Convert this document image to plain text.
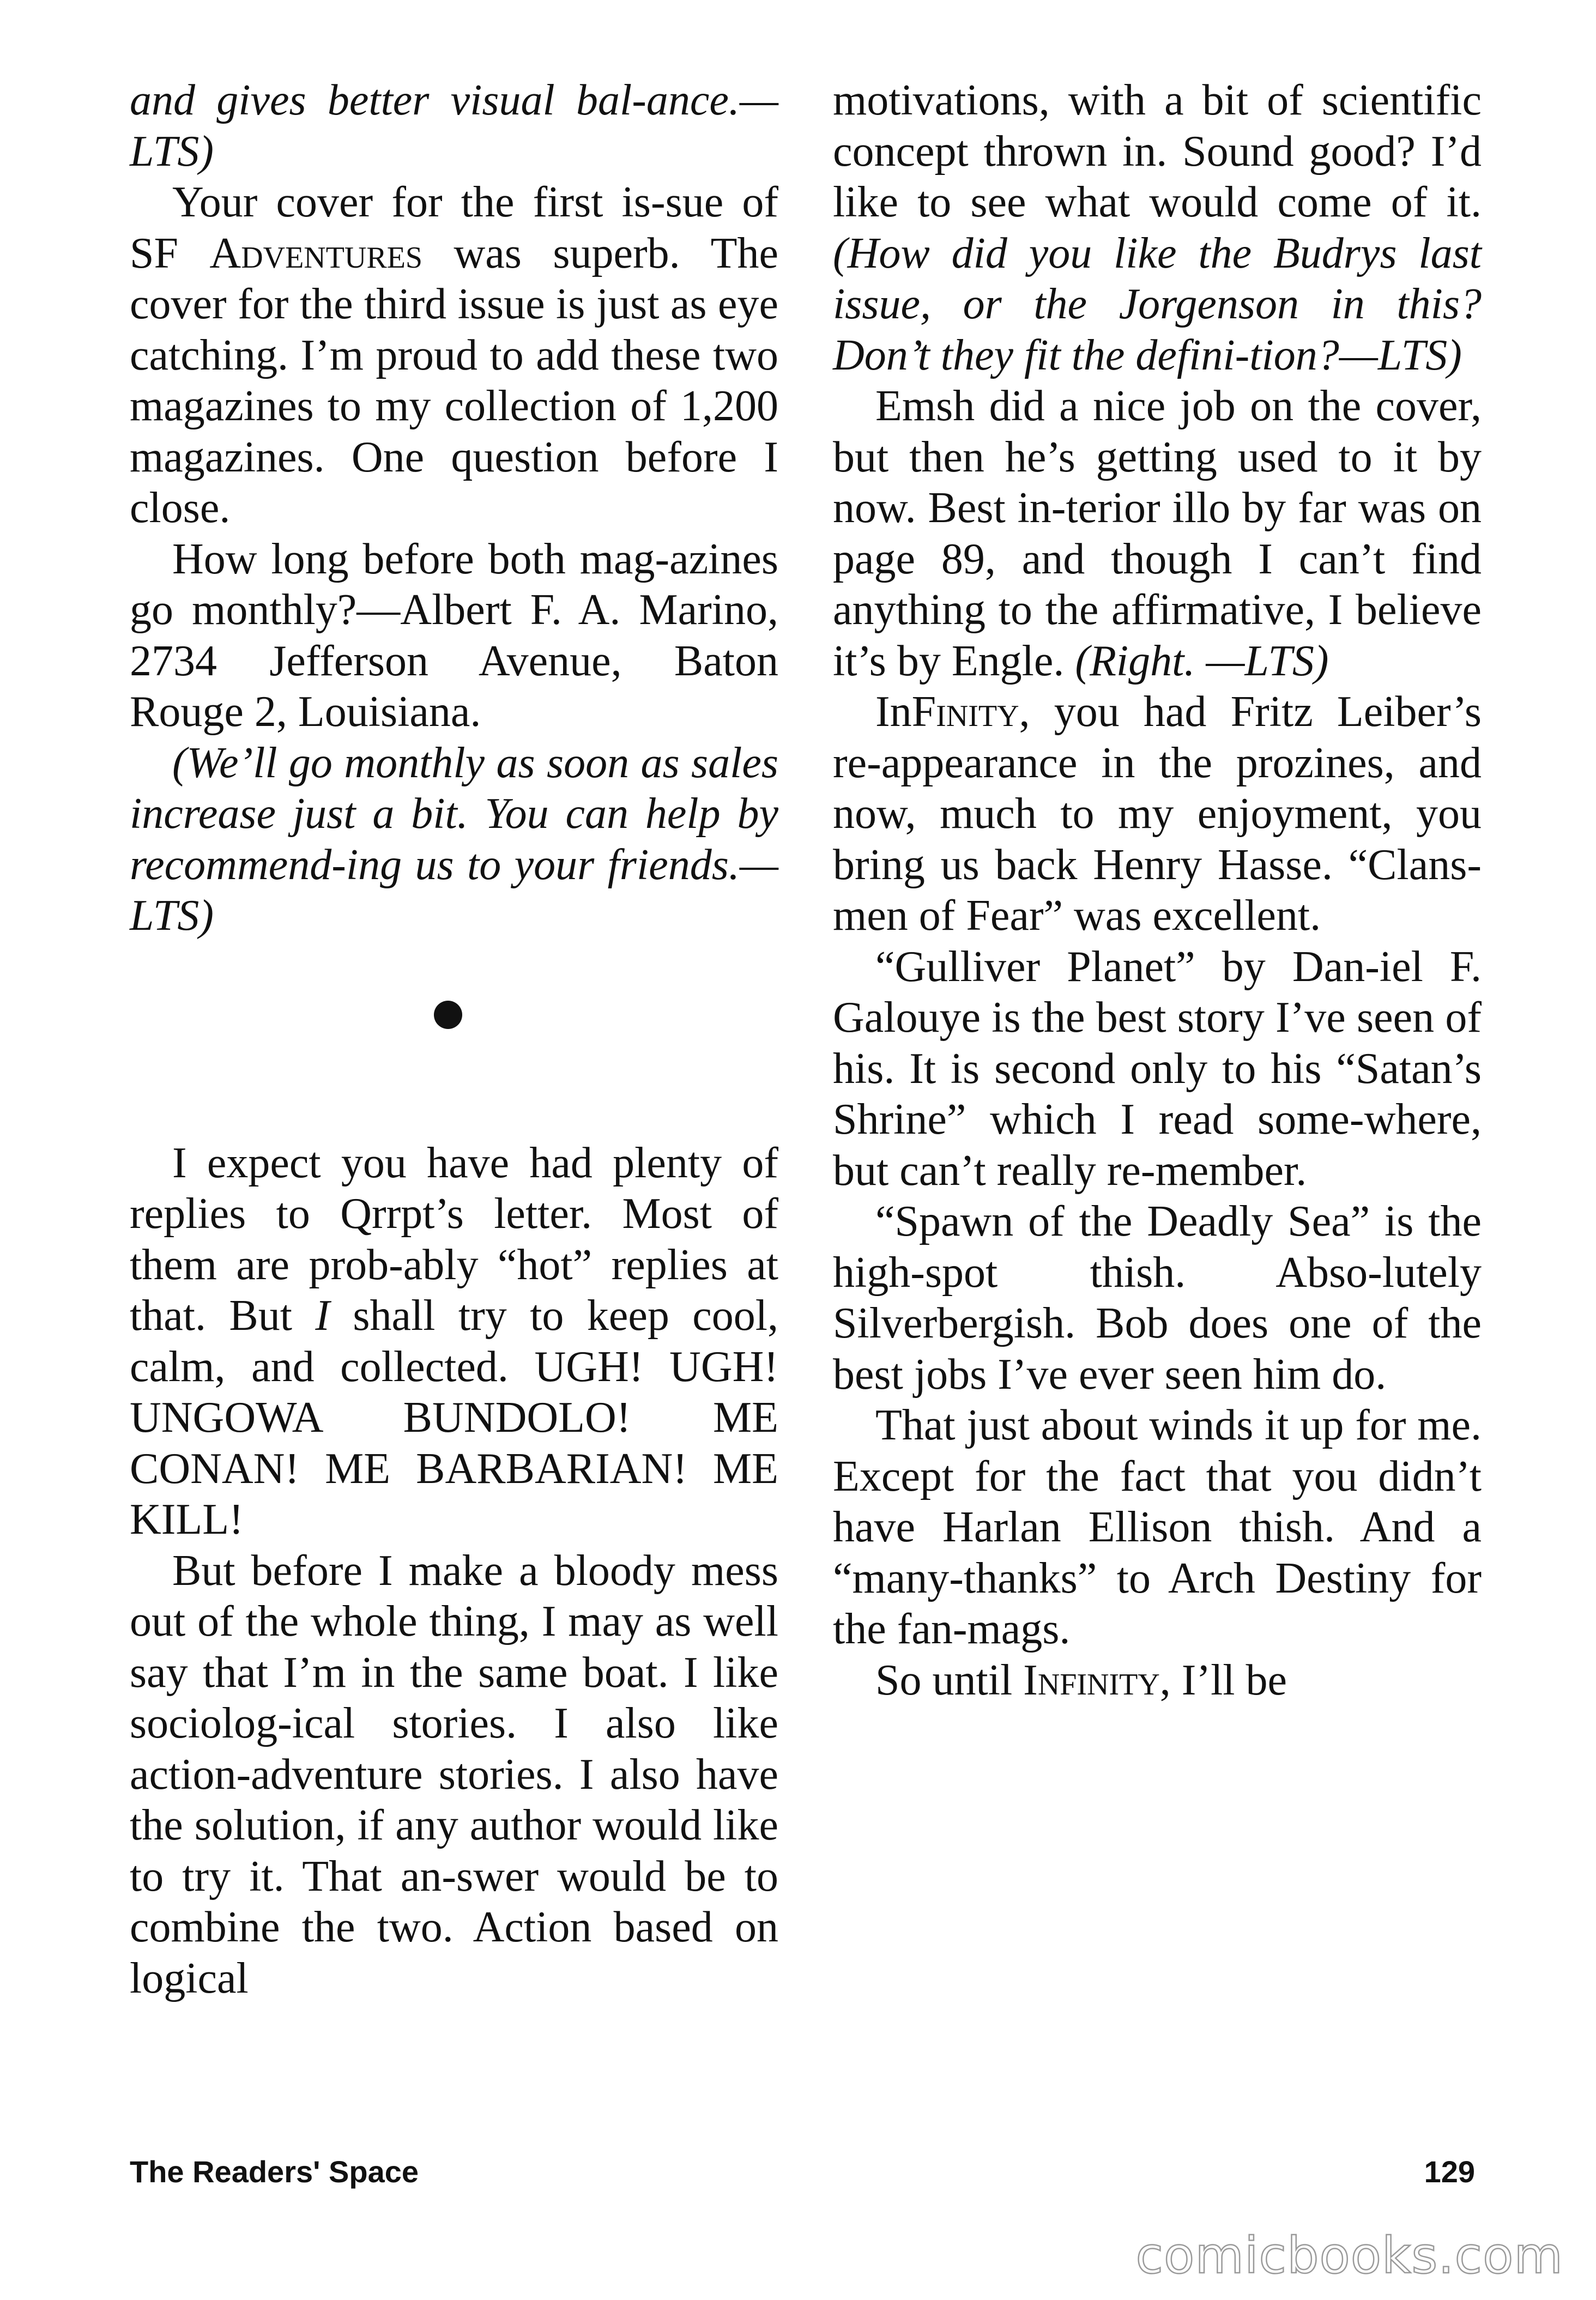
and gives better visual bal-ance.—LTS)

Your cover for the first is-sue of SF Adventures was superb. The cover for the third issue is just as eye catching. I’m proud to add these two magazines to my collection of 1,200 magazines. One question before I close.

How long before both mag-azines go monthly?—Albert F. A. Marino, 2734 Jefferson Avenue, Baton Rouge 2, Louisiana.

(We’ll go monthly as soon as sales increase just a bit. You can help by recommend-ing us to your friends.—LTS)

I expect you have had plenty of replies to Qrrpt’s letter. Most of them are prob-ably “hot” replies at that. But I shall try to keep cool, calm, and collected. UGH! UGH! UNGOWA BUNDOLO! ME CONAN! ME BARBARIAN! ME KILL!

But before I make a bloody mess out of the whole thing, I may as well say that I’m in the same boat. I like sociolog-ical stories. I also like action-adventure stories. I also have the solution, if any author would like to try it. That an-swer would be to combine the two. Action based on logical

motivations, with a bit of scientific concept thrown in. Sound good? I’d like to see what would come of it. (How did you like the Budrys last issue, or the Jorgenson in this? Don’t they fit the defini-tion?—LTS)

Emsh did a nice job on the cover, but then he’s getting used to it by now. Best in-terior illo by far was on page 89, and though I can’t find anything to the affirmative, I believe it’s by Engle. (Right. —LTS)

InFinity, you had Fritz Leiber’s re-appearance in the prozines, and now, much to my enjoyment, you bring us back Henry Hasse. “Clans-men of Fear” was excellent.

“Gulliver Planet” by Dan-iel F. Galouye is the best story I’ve seen of his. It is second only to his “Satan’s Shrine” which I read some-where, but can’t really re-member.

“Spawn of the Deadly Sea” is the high-spot thish. Abso-lutely Silverbergish. Bob does one of the best jobs I’ve ever seen him do.

That just about winds it up for me. Except for the fact that you didn’t have Harlan Ellison thish. And a “many-thanks” to Arch Destiny for the fan-mags.

So until Infinity, I’ll be

The Readers' Space	129
comicbooks.com
